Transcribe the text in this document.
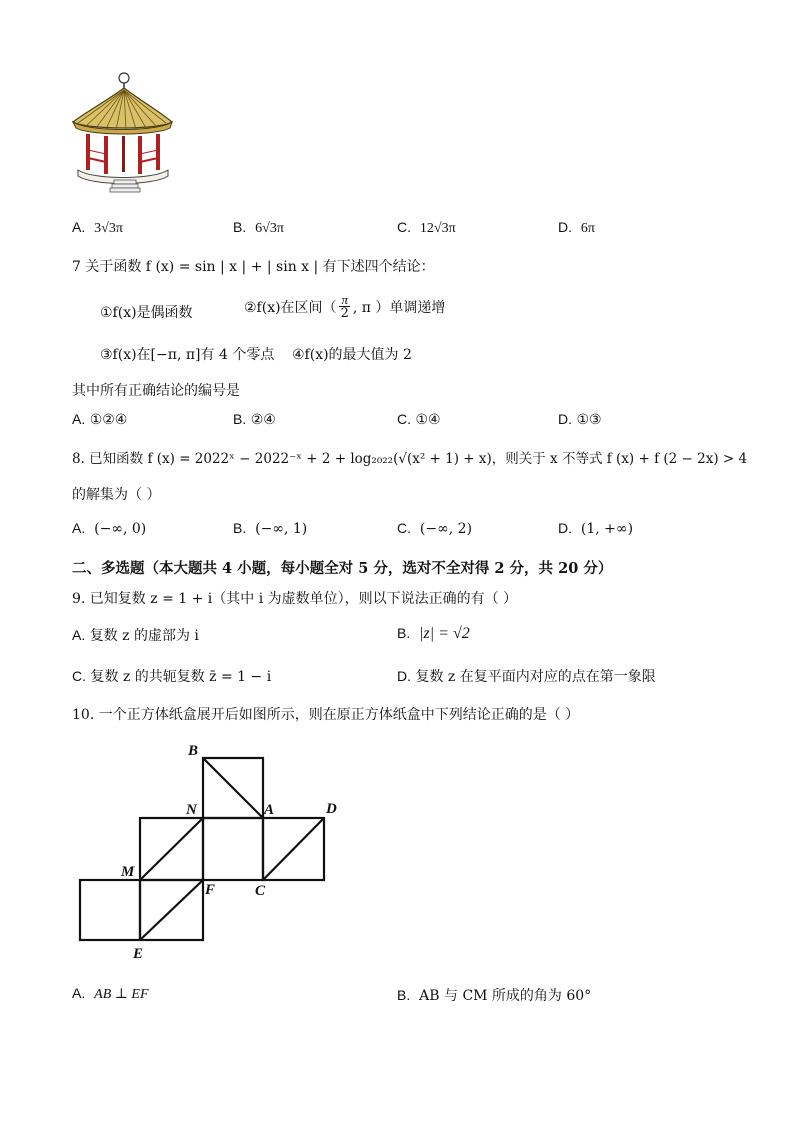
A. 3√3π	B. 6√3π	C. 12√3π	D. 6π
7 关于函数 f (x) = sin | x | + | sin x | 有下述四个结论：
①f(x)是偶函数	②f(x)在区间（ $\frac{\pi}{2}$ , π ）单调递增
③f(x)在[−π, π]有 4 个零点 ④f(x)的最大值为 2
其中所有正确结论的编号是
A. ①②④	B. ②④	C. ①④	D. ①③
8. 已知函数 f (x) = 2022ˣ − 2022⁻ˣ + 2 + log₂₀₂₂(√(x² + 1) + x)，则关于 x 不等式 f (x) + f (2 − 2x) > 4
的解集为（ ）
A. (−∞, 0)	B. (−∞, 1)	C. (−∞, 2)	D. (1, +∞)
二、多选题（本大题共 4 小题，每小题全对 5 分，选对不全对得 2 分，共 20 分）
9. 已知复数 z = 1 + i（其中 i 为虚数单位），则以下说法正确的有（ ）
A. 复数 z 的虚部为 i	B. |z| = √2
C. 复数 z 的共轭复数 z̄ = 1 − i	D. 复数 z 在复平面内对应的点在第一象限
10. 一个正方体纸盒展开后如图所示，则在原正方体纸盒中下列结论正确的是（ ）
B
N	A	D
M
F	C
E
A. AB ⊥ EF	B. AB 与 CM 所成的角为 60°
